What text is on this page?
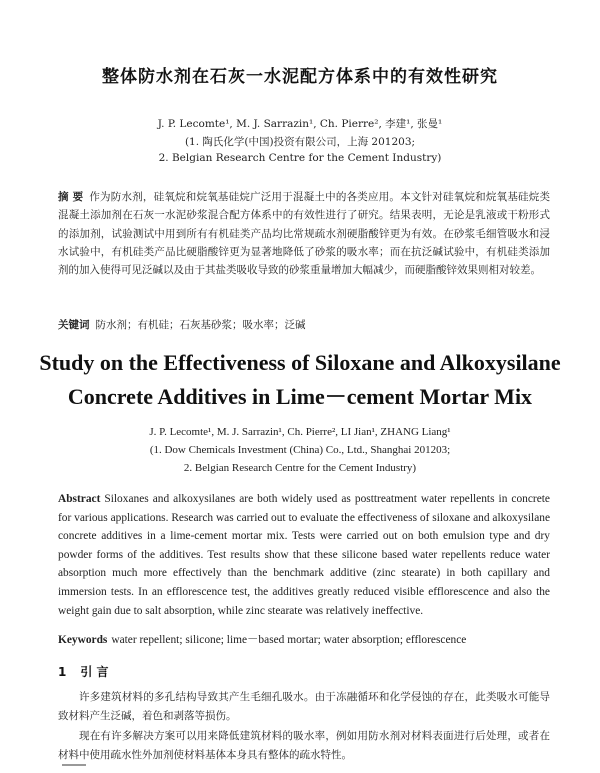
整体防水剂在石灰一水泥配方体系中的有效性研究
J. P. Lecomte¹, M. J. Sarrazin¹, Ch. Pierre², 李建¹, 张曼¹
(1. 陶氏化学(中国)投资有限公司，上海 201203;
2. Belgian Research Centre for the Cement Industry)
摘 要 作为防水剂，硅氧烷和烷氧基硅烷广泛用于混凝土中的各类应用。本文针对硅氧烷和烷氧基硅烷类混凝土添加剂在石灰一水泥砂浆混合配方体系中的有效性进行了研究。结果表明，无论是乳液或干粉形式的添加剂，试验测试中用到所有有机硅类产品均比常规疏水剂硬脂酸锌更为有效。在砂浆毛细管吸水和浸水试验中，有机硅类产品比硬脂酸锌更为显著地降低了砂浆的吸水率；而在抗泛碱试验中，有机硅类添加剂的加入使得可见泛碱以及由于其盐类吸收导致的砂浆重量增加大幅减少，而硬脂酸锌效果则相对较差。
关键词 防水剂；有机硅；石灰基砂浆；吸水率；泛碱
Study on the Effectiveness of Siloxane and Alkoxysilane
Concrete Additives in Lime－cement Mortar Mix
J. P. Lecomte¹, M. J. Sarrazin¹, Ch. Pierre², LI Jian¹, ZHANG Liang¹
(1. Dow Chemicals Investment (China) Co., Ltd., Shanghai 201203;
2. Belgian Research Centre for the Cement Industry)
Abstract Siloxanes and alkoxysilanes are both widely used as posttreatment water repellents in concrete for various applications. Research was carried out to evaluate the effectiveness of siloxane and alkoxysilane concrete additives in a lime-cement mortar mix. Tests were carried out on both emulsion type and dry powder forms of the additives. Test results show that these silicone based water repellents reduce water absorption much more effectively than the benchmark additive (zinc stearate) in both capillary and immersion tests. In an efflorescence test, the additives greatly reduced visible efflorescence and also the weight gain due to salt absorption, while zinc stearate was relatively ineffective.
Keywords water repellent; silicone; lime－based mortar; water absorption; efflorescence
1 引 言
许多建筑材料的多孔结构导致其产生毛细孔吸水。由于冻融循环和化学侵蚀的存在，此类吸水可能导致材料产生泛碱，着色和剥落等损伤。
现在有许多解决方案可以用来降低建筑材料的吸水率，例如用防水剂对材料表面进行后处理，或者在材料中使用疏水性外加剂使材料基体本身具有整体的疏水特性。
